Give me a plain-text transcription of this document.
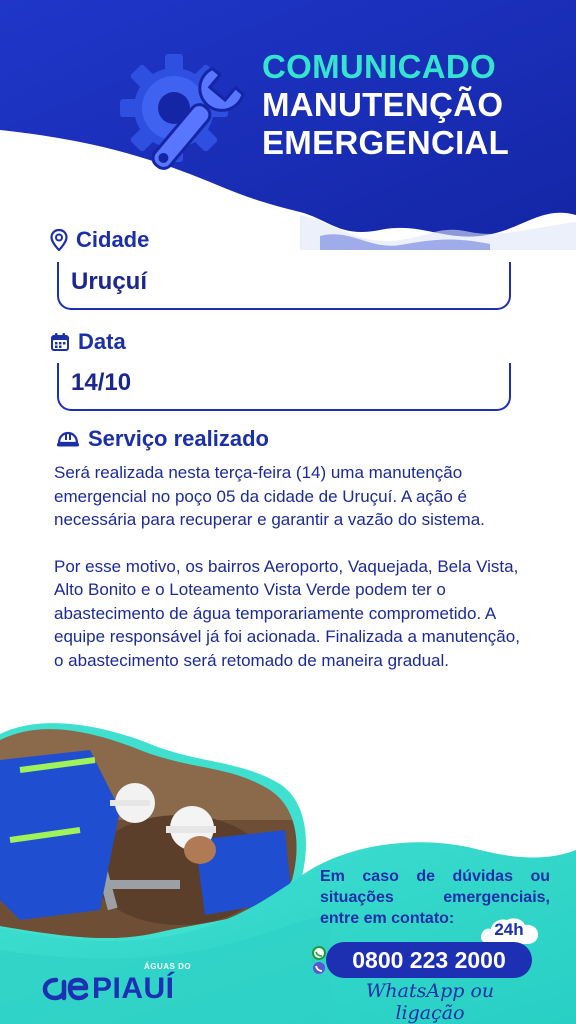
COMUNICADO
MANUTENÇÃO
EMERGENCIAL
Cidade
Uruçuí
Data
14/10
Serviço realizado

Será realizada nesta terça-feira (14) uma manutenção emergencial no poço 05 da cidade de Uruçuí. A ação é necessária para recuperar e garantir a vazão do sistema.

Por esse motivo, os bairros Aeroporto, Vaquejada, Bela Vista, Alto Bonito e o Loteamento Vista Verde podem ter o abastecimento de água temporariamente comprometido. A equipe responsável já foi acionada. Finalizada a manutenção, o abastecimento será retomado de maneira gradual.

Em caso de dúvidas ou
situações	emergenciais,
entre em contato:
24h
0800 223 2000
WhatsApp ou ligação
ÁGUAS DO
PIAUÍ
